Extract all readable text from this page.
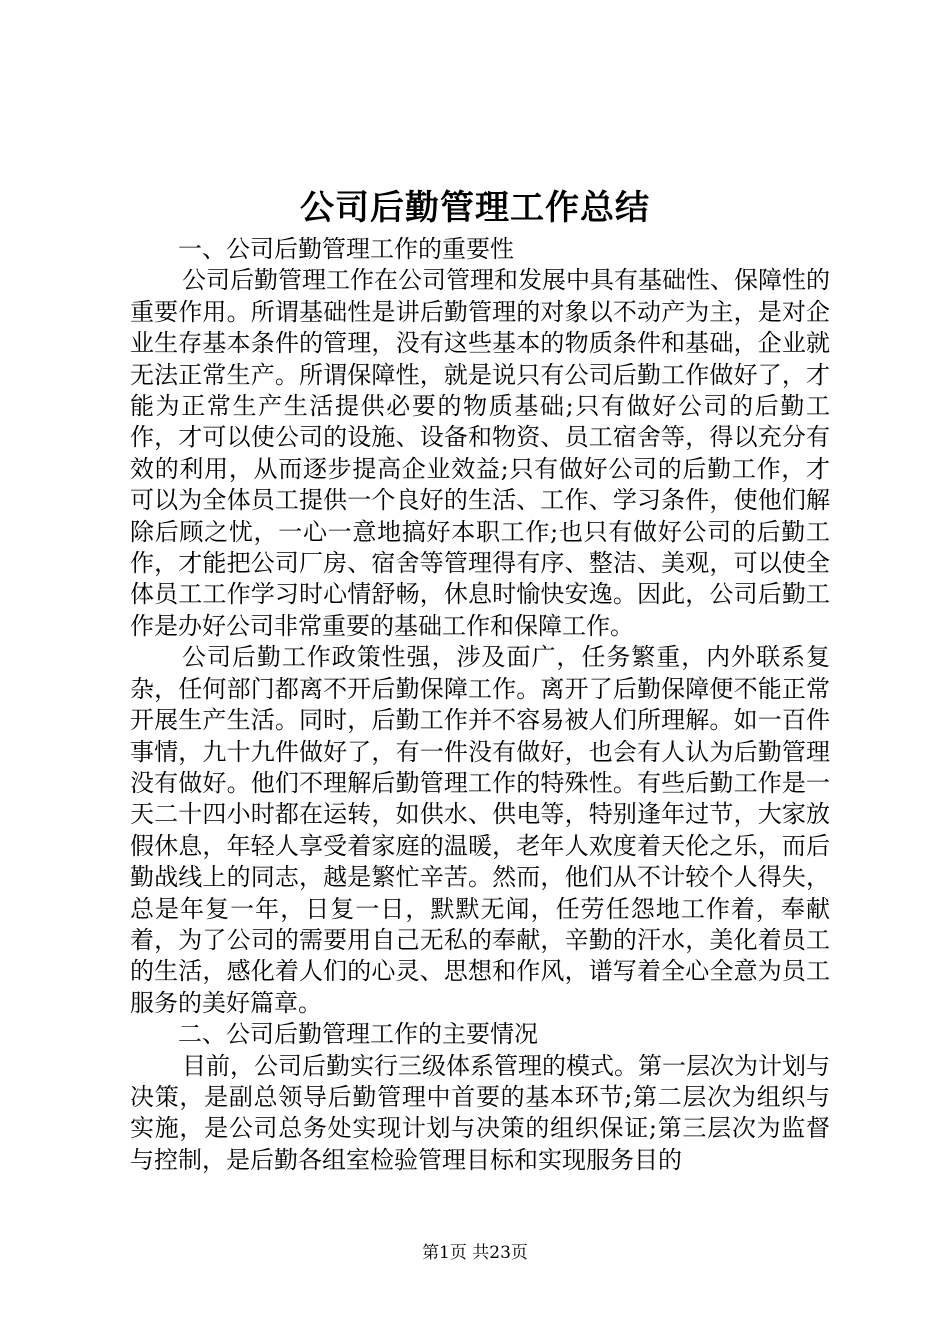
公司后勤管理工作总结
一、公司后勤管理工作的重要性

公司后勤管理工作在公司管理和发展中具有基础性、保障性的重要作用。所谓基础性是讲后勤管理的对象以不动产为主，是对企业生存基本条件的管理，没有这些基本的物质条件和基础，企业就无法正常生产。所谓保障性，就是说只有公司后勤工作做好了，才能为正常生产生活提供必要的物质基础;只有做好公司的后勤工作，才可以使公司的设施、设备和物资、员工宿舍等，得以充分有效的利用，从而逐步提高企业效益;只有做好公司的后勤工作，才可以为全体员工提供一个良好的生活、工作、学习条件，使他们解除后顾之忧，一心一意地搞好本职工作;也只有做好公司的后勤工作，才能把公司厂房、宿舍等管理得有序、整洁、美观，可以使全体员工工作学习时心情舒畅，休息时愉快安逸。因此，公司后勤工作是办好公司非常重要的基础工作和保障工作。

公司后勤工作政策性强，涉及面广，任务繁重，内外联系复杂，任何部门都离不开后勤保障工作。离开了后勤保障便不能正常开展生产生活。同时，后勤工作并不容易被人们所理解。如一百件事情，九十九件做好了，有一件没有做好，也会有人认为后勤管理没有做好。他们不理解后勤管理工作的特殊性。有些后勤工作是一天二十四小时都在运转，如供水、供电等，特别逢年过节，大家放假休息，年轻人享受着家庭的温暖，老年人欢度着天伦之乐，而后勤战线上的同志，越是繁忙辛苦。然而，他们从不计较个人得失，总是年复一年，日复一日，默默无闻，任劳任怨地工作着，奉献着，为了公司的需要用自己无私的奉献，辛勤的汗水，美化着员工的生活，感化着人们的心灵、思想和作风，谱写着全心全意为员工服务的美好篇章。

二、公司后勤管理工作的主要情况

目前，公司后勤实行三级体系管理的模式。第一层次为计划与决策，是副总领导后勤管理中首要的基本环节;第二层次为组织与实施，是公司总务处实现计划与决策的组织保证;第三层次为监督与控制，是后勤各组室检验管理目标和实现服务目的

第1页 共23页
